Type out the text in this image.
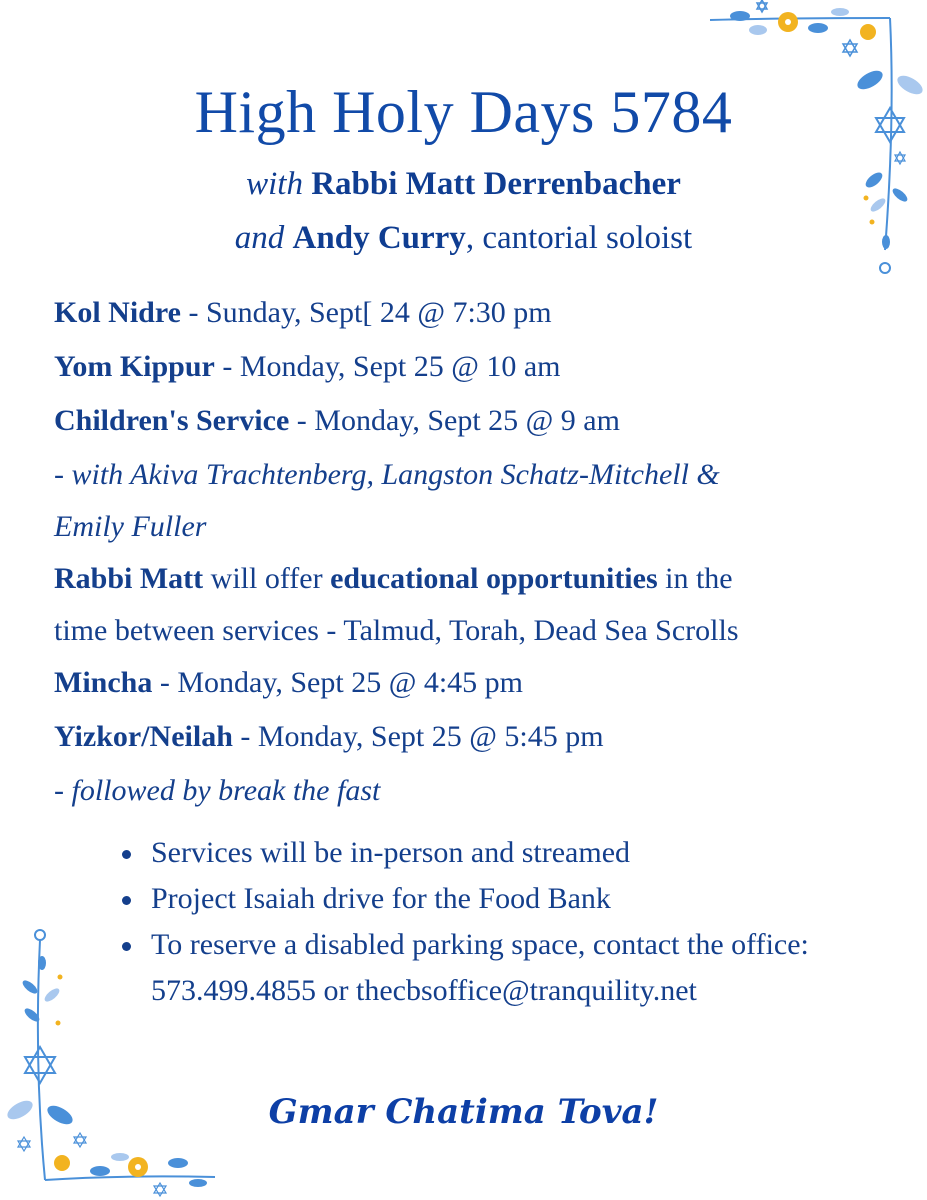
High Holy Days 5784
with Rabbi Matt Derrenbacher
and Andy Curry, cantorial soloist
Kol Nidre - Sunday, Sept[ 24 @ 7:30 pm
Yom Kippur - Monday, Sept 25 @ 10 am
Children's Service - Monday, Sept 25 @ 9 am
- with Akiva Trachtenberg, Langston Schatz-Mitchell &
Emily Fuller
Rabbi Matt will offer educational opportunities in the
time between services - Talmud, Torah, Dead Sea Scrolls
Mincha - Monday, Sept 25 @ 4:45 pm
Yizkor/Neilah - Monday, Sept 25 @ 5:45 pm
- followed by break the fast
Services will be in-person and streamed
Project Isaiah drive for the Food Bank
To reserve a disabled parking space, contact the office: 573.499.4855 or thecbsoffice@tranquility.net
Gmar Chatima Tova!
